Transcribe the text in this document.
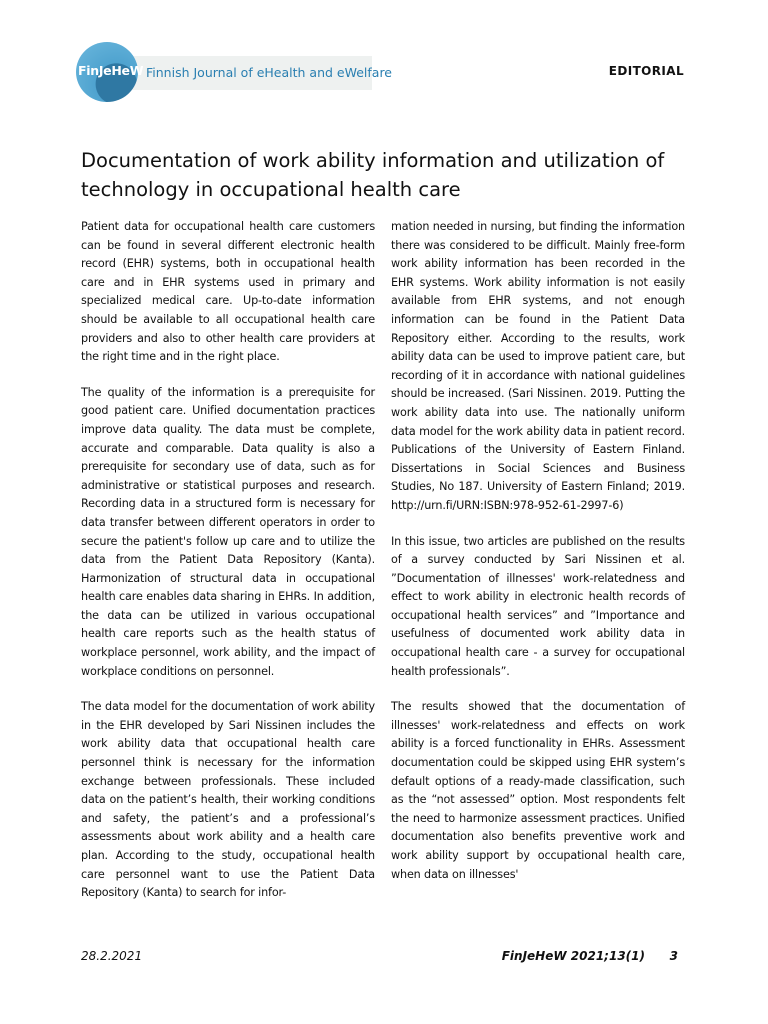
FinJeHeW Finnish Journal of eHealth and eWelfare	EDITORIAL
Documentation of work ability information and utilization of technology in occupational health care

Patient data for occupational health care customers can be found in several different electronic health record (EHR) systems, both in occupational health care and in EHR systems used in primary and specialized medical care. Up-to-date information should be available to all occupational health care providers and also to other health care providers at the right time and in the right place.

The quality of the information is a prerequisite for good patient care. Unified documentation practices improve data quality. The data must be complete, accurate and comparable. Data quality is also a prerequisite for secondary use of data, such as for administrative or statistical purposes and research. Recording data in a structured form is necessary for data transfer between different operators in order to secure the patient's follow up care and to utilize the data from the Patient Data Repository (Kanta). Harmonization of structural data in occupational health care enables data sharing in EHRs. In addition, the data can be utilized in various occupational health care reports such as the health status of workplace personnel, work ability, and the impact of workplace conditions on personnel.

The data model for the documentation of work ability in the EHR developed by Sari Nissinen includes the work ability data that occupational health care personnel think is necessary for the information exchange between professionals. These included data on the patient’s health, their working conditions and safety, the patient’s and a professional’s assessments about work ability and a health care plan. According to the study, occupational health care personnel want to use the Patient Data Repository (Kanta) to search for infor-

mation needed in nursing, but finding the information there was considered to be difficult. Mainly free-form work ability information has been recorded in the EHR systems. Work ability information is not easily available from EHR systems, and not enough information can be found in the Patient Data Repository either. According to the results, work ability data can be used to improve patient care, but recording of it in accordance with national guidelines should be increased. (Sari Nissinen. 2019. Putting the work ability data into use. The nationally uniform data model for the work ability data in patient record. Publications of the University of Eastern Finland. Dissertations in Social Sciences and Business Studies, No 187. University of Eastern Finland; 2019. http://urn.fi/URN:ISBN:978-952-61-2997-6)

In this issue, two articles are published on the results of a survey conducted by Sari Nissinen et al. ”Documentation of illnesses' work-relatedness and effect to work ability in electronic health records of occupational health services” and ”Importance and usefulness of documented work ability data in occupational health care - a survey for occupational health professionals”.

The results showed that the documentation of illnesses' work-relatedness and effects on work ability is a forced functionality in EHRs. Assessment documentation could be skipped using EHR system’s default options of a ready-made classification, such as the “not assessed” option. Most respondents felt the need to harmonize assessment practices. Unified documentation also benefits preventive work and work ability support by occupational health care, when data on illnesses'

28.2.2021	FinJeHeW 2021;13(1) 3
